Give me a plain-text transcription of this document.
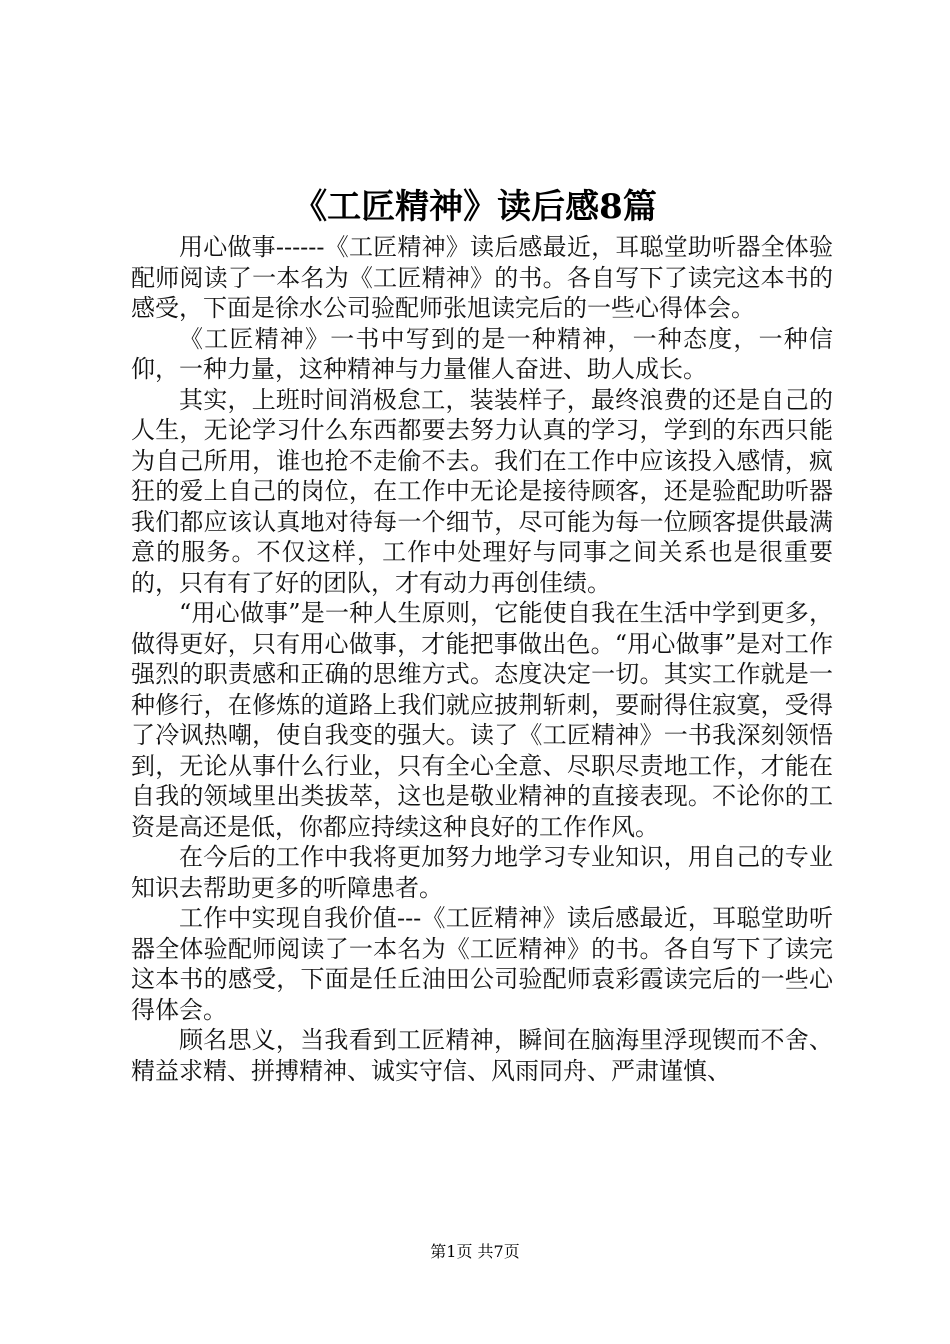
《工匠精神》读后感8篇

用心做事------《工匠精神》读后感最近，耳聪堂助听器全体验配师阅读了一本名为《工匠精神》的书。各自写下了读完这本书的感受，下面是徐水公司验配师张旭读完后的一些心得体会。

《工匠精神》一书中写到的是一种精神，一种态度，一种信仰，一种力量，这种精神与力量催人奋进、助人成长。

其实，上班时间消极怠工，装装样子，最终浪费的还是自己的人生，无论学习什么东西都要去努力认真的学习，学到的东西只能为自己所用，谁也抢不走偷不去。我们在工作中应该投入感情，疯狂的爱上自己的岗位，在工作中无论是接待顾客，还是验配助听器我们都应该认真地对待每一个细节，尽可能为每一位顾客提供最满意的服务。不仅这样，工作中处理好与同事之间关系也是很重要的，只有有了好的团队，才有动力再创佳绩。

“用心做事”是一种人生原则，它能使自我在生活中学到更多，做得更好，只有用心做事，才能把事做出色。“用心做事”是对工作强烈的职责感和正确的思维方式。态度决定一切。其实工作就是一种修行，在修炼的道路上我们就应披荆斩刺，要耐得住寂寞，受得了冷讽热嘲，使自我变的强大。读了《工匠精神》一书我深刻领悟到，无论从事什么行业，只有全心全意、尽职尽责地工作，才能在自我的领域里出类拔萃，这也是敬业精神的直接表现。不论你的工资是高还是低，你都应持续这种良好的工作作风。

在今后的工作中我将更加努力地学习专业知识，用自己的专业知识去帮助更多的听障患者。

工作中实现自我价值---《工匠精神》读后感最近，耳聪堂助听器全体验配师阅读了一本名为《工匠精神》的书。各自写下了读完这本书的感受，下面是任丘油田公司验配师袁彩霞读完后的一些心得体会。

顾名思义，当我看到工匠精神，瞬间在脑海里浮现锲而不舍、精益求精、拼搏精神、诚实守信、风雨同舟、严肃谨慎、

第1页 共7页
